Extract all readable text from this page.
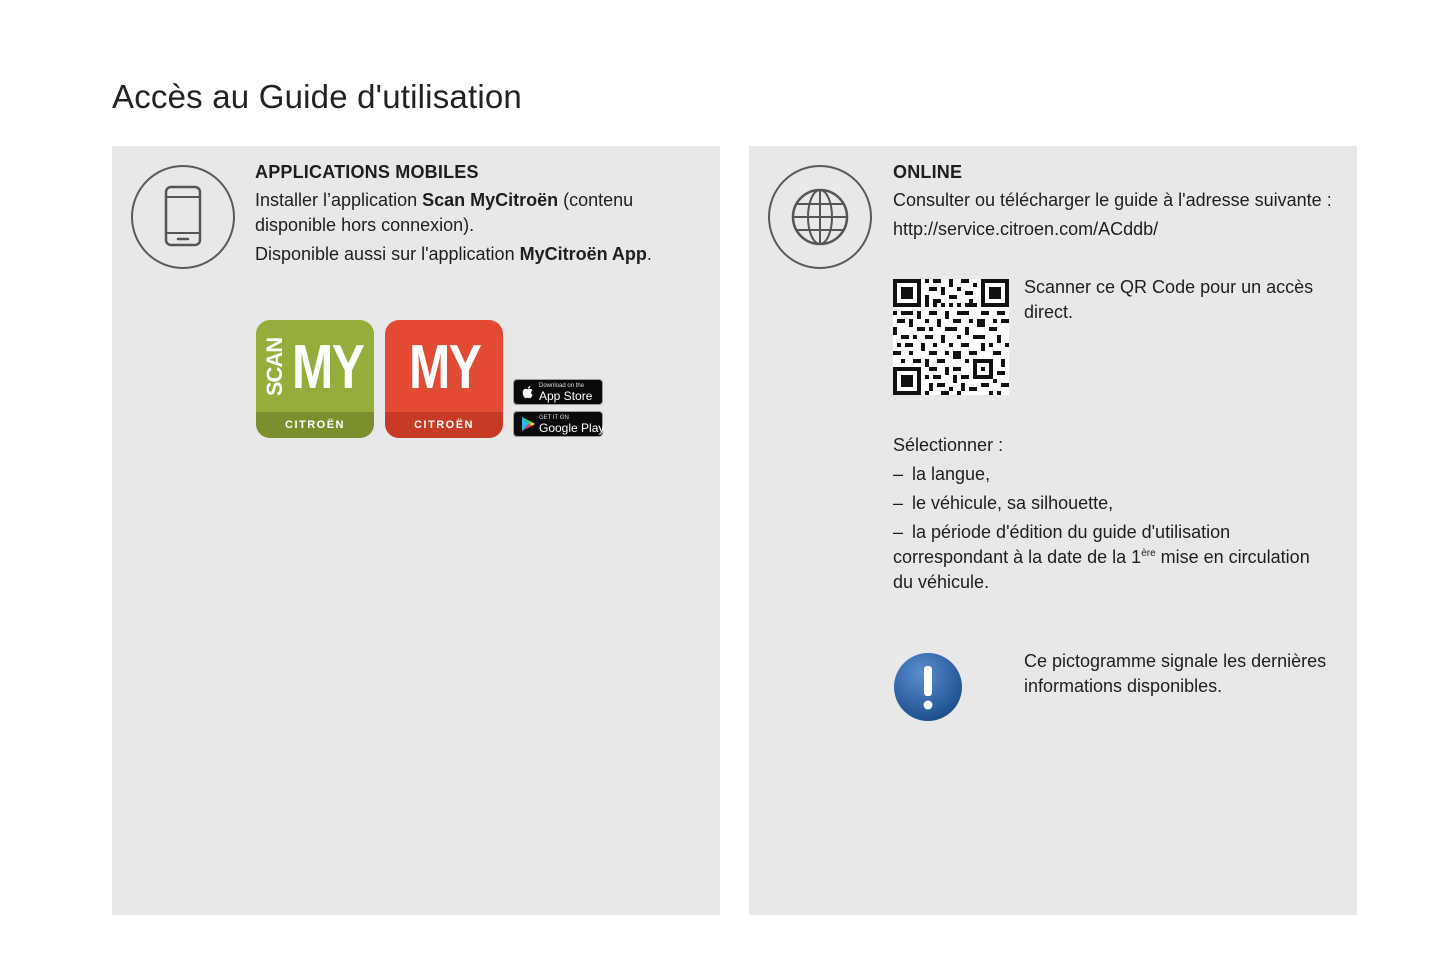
Accès au Guide d'utilisation
APPLICATIONS MOBILES

Installer l’application Scan MyCitroën (contenu disponible hors connexion).

Disponible aussi sur l'application MyCitroën App.

SCAN MY
CITROËN
MY
CITROËN
Download on the
App Store
GET IT ON
Google Play
ONLINE

Consulter ou télécharger le guide à l'adresse suivante :

http://service.citroen.com/ACddb/

Scanner ce QR Code pour un accès direct.

Sélectionner :

– la langue,
– le véhicule, sa silhouette,
– la période d'édition du guide d'utilisation correspondant à la date de la 1ère mise en circulation du véhicule.

Ce pictogramme signale les dernières informations disponibles.
